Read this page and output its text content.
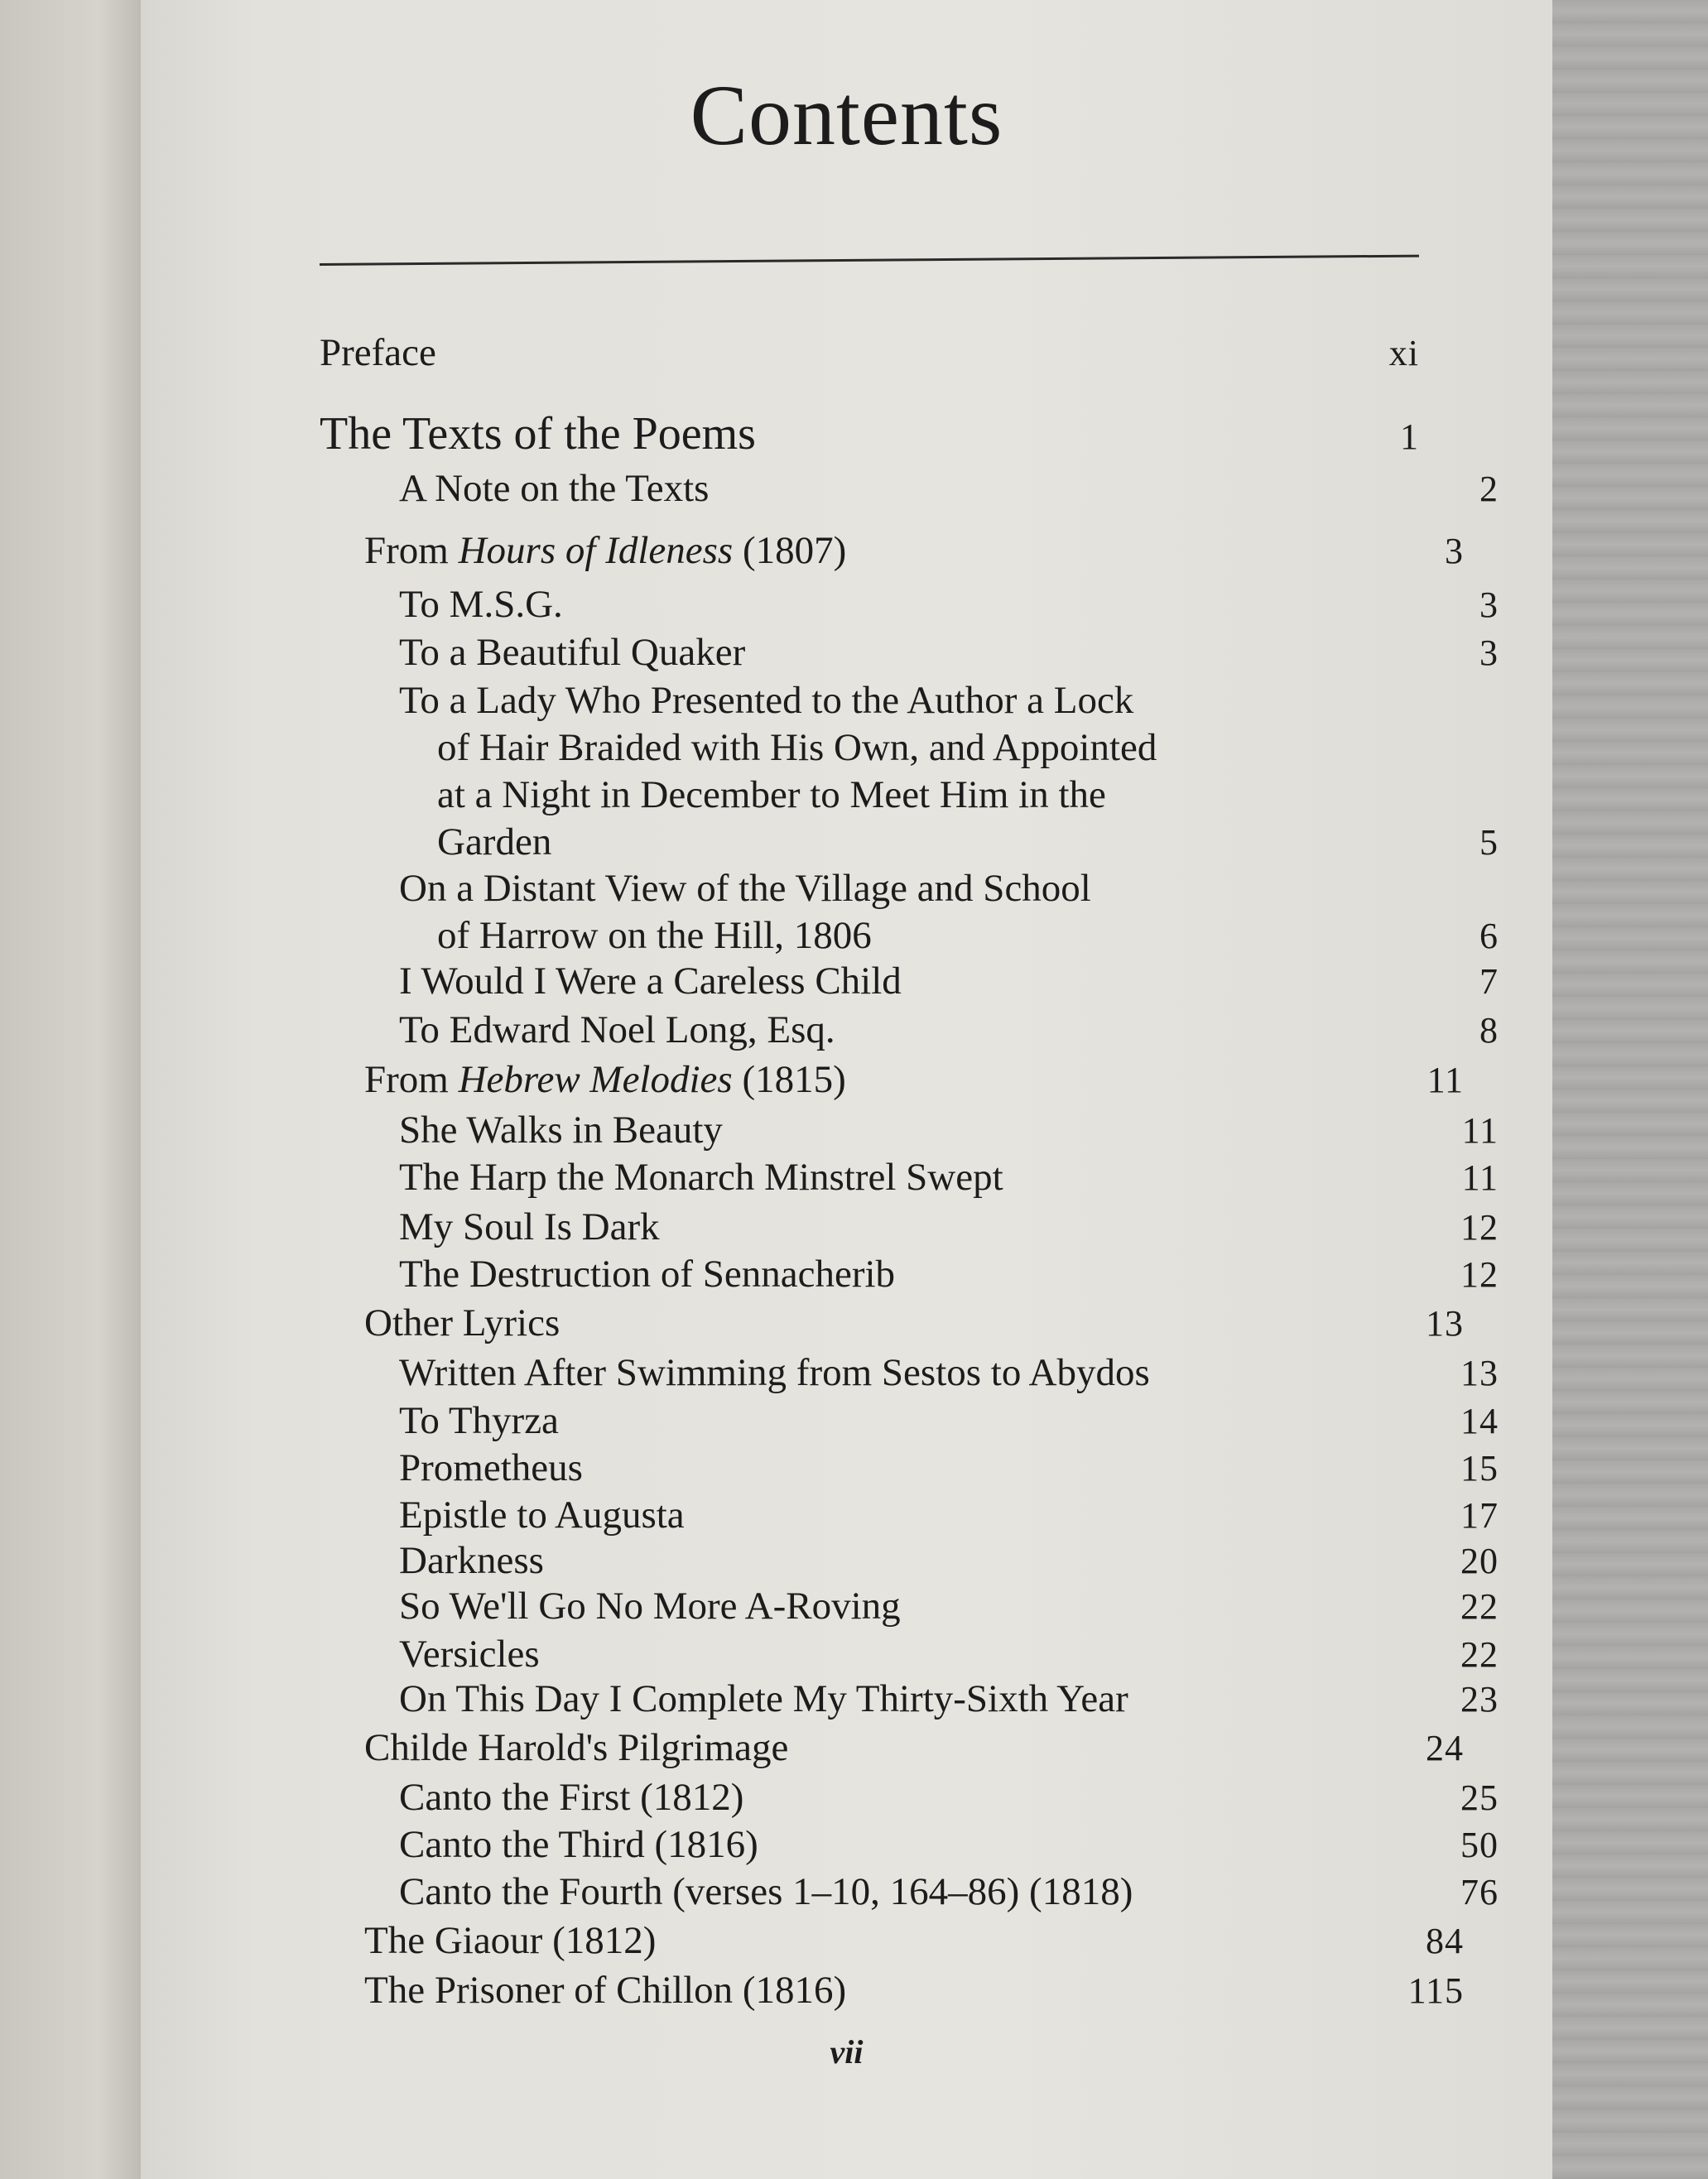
Contents
Preface	xi
The Texts of the Poems	1
A Note on the Texts	2
From Hours of Idleness (1807)	3
To M.S.G.	3
To a Beautiful Quaker	3
To a Lady Who Presented to the Author a Lock
of Hair Braided with His Own, and Appointed
at a Night in December to Meet Him in the
Garden	5
On a Distant View of the Village and School
of Harrow on the Hill, 1806	6
I Would I Were a Careless Child	7
To Edward Noel Long, Esq.	8
From Hebrew Melodies (1815)	11
She Walks in Beauty	11
The Harp the Monarch Minstrel Swept	11
My Soul Is Dark	12
The Destruction of Sennacherib	12
Other Lyrics	13
Written After Swimming from Sestos to Abydos	13
To Thyrza	14
Prometheus	15
Epistle to Augusta	17
Darkness	20
So We'll Go No More A-Roving	22
Versicles	22
On This Day I Complete My Thirty-Sixth Year	23
Childe Harold's Pilgrimage	24
Canto the First (1812)	25
Canto the Third (1816)	50
Canto the Fourth (verses 1–10, 164–86) (1818)	76
The Giaour (1812)	84
The Prisoner of Chillon (1816)	115
vii
